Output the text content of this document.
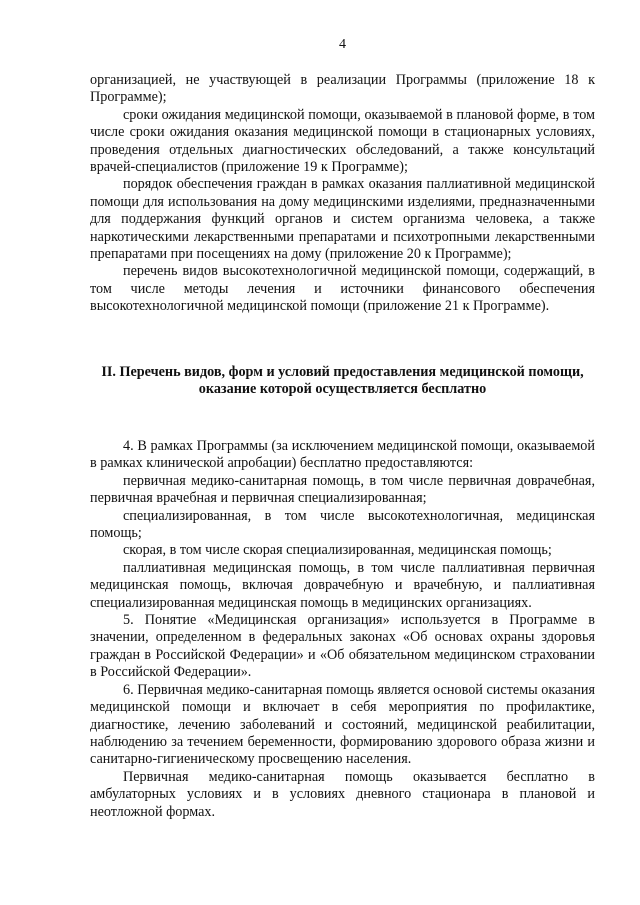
4

организацией, не участвующей в реализации Программы (приложение 18 к Программе);

сроки ожидания медицинской помощи, оказываемой в плановой форме, в том числе сроки ожидания оказания медицинской помощи в стационарных условиях, проведения отдельных диагностических обследований, а также консультаций врачей-специалистов (приложение 19 к Программе);

порядок обеспечения граждан в рамках оказания паллиативной медицинской помощи для использования на дому медицинскими изделиями, предназначенными для поддержания функций органов и систем организма человека, а также наркотическими лекарственными препаратами и психотропными лекарственными препаратами при посещениях на дому (приложение 20 к Программе);

перечень видов высокотехнологичной медицинской помощи, содержащий, в том числе методы лечения и источники финансового обеспечения высокотехнологичной медицинской помощи (приложение 21 к Программе).

II. Перечень видов, форм и условий предоставления медицинской помощи, оказание которой осуществляется бесплатно

4. В рамках Программы (за исключением медицинской помощи, оказываемой в рамках клинической апробации) бесплатно предоставляются:

первичная медико-санитарная помощь, в том числе первичная доврачебная, первичная врачебная и первичная специализированная;

специализированная, в том числе высокотехнологичная, медицинская помощь;

скорая, в том числе скорая специализированная, медицинская помощь;

паллиативная медицинская помощь, в том числе паллиативная первичная медицинская помощь, включая доврачебную и врачебную, и паллиативная специализированная медицинская помощь в медицинских организациях.

5. Понятие «Медицинская организация» используется в Программе в значении, определенном в федеральных законах «Об основах охраны здоровья граждан в Российской Федерации» и «Об обязательном медицинском страховании в Российской Федерации».

6. Первичная медико-санитарная помощь является основой системы оказания медицинской помощи и включает в себя мероприятия по профилактике, диагностике, лечению заболеваний и состояний, медицинской реабилитации, наблюдению за течением беременности, формированию здорового образа жизни и санитарно-гигиеническому просвещению населения.

Первичная медико-санитарная помощь оказывается бесплатно в амбулаторных условиях и в условиях дневного стационара в плановой и неотложной формах.
